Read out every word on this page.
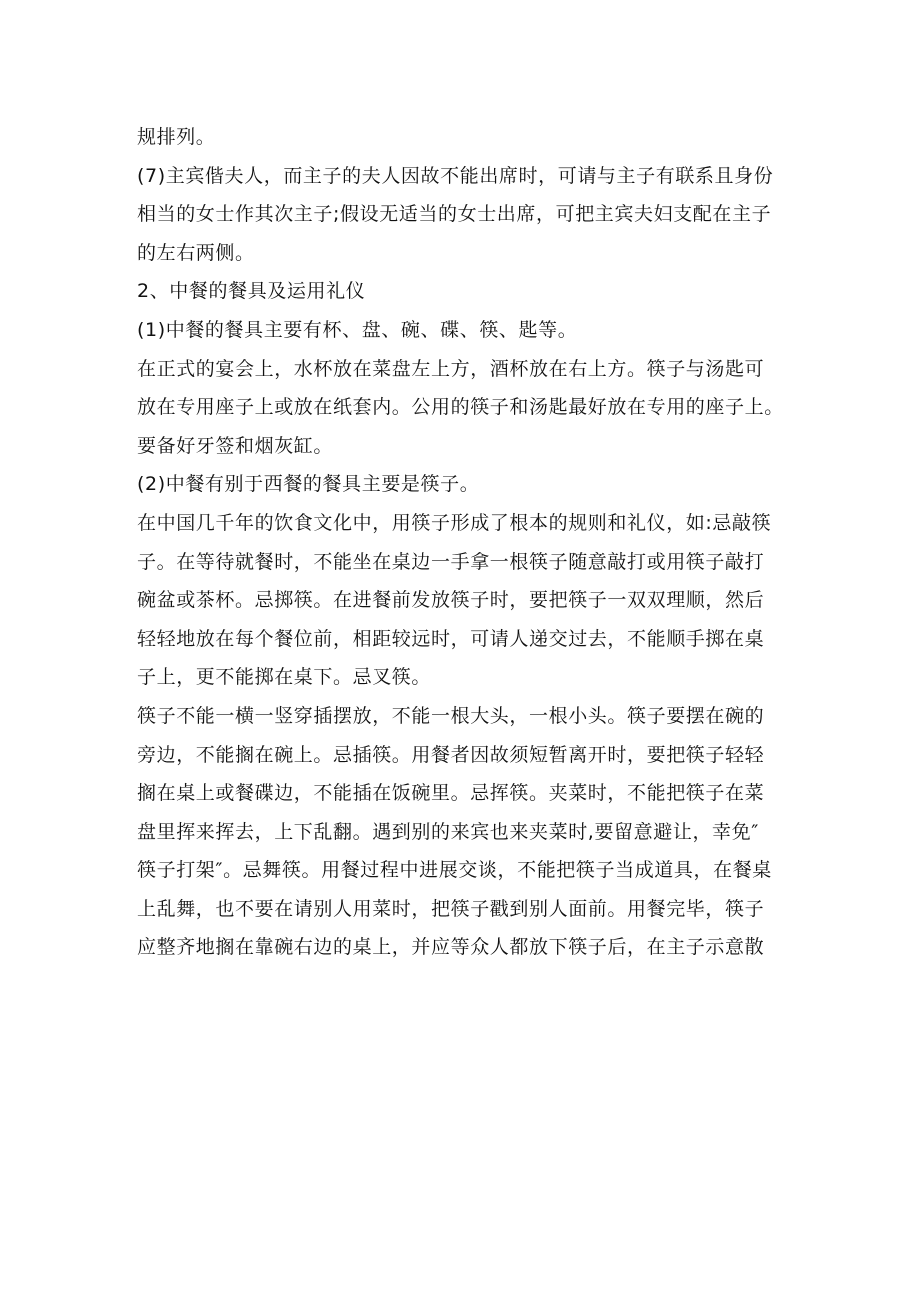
规排列。

(7)主宾偕夫人，而主子的夫人因故不能出席时，可请与主子有联系且身份
相当的女士作其次主子;假设无适当的女士出席，可把主宾夫妇支配在主子
的左右两侧。

2、中餐的餐具及运用礼仪

(1)中餐的餐具主要有杯、盘、碗、碟、筷、匙等。

在正式的宴会上，水杯放在菜盘左上方，酒杯放在右上方。筷子与汤匙可
放在专用座子上或放在纸套内。公用的筷子和汤匙最好放在专用的座子上。
要备好牙签和烟灰缸。

(2)中餐有别于西餐的餐具主要是筷子。

在中国几千年的饮食文化中，用筷子形成了根本的规则和礼仪，如:忌敲筷
子。在等待就餐时，不能坐在桌边一手拿一根筷子随意敲打或用筷子敲打
碗盆或茶杯。忌掷筷。在进餐前发放筷子时，要把筷子一双双理顺，然后
轻轻地放在每个餐位前，相距较远时，可请人递交过去，不能顺手掷在桌
子上，更不能掷在桌下。忌叉筷。

筷子不能一横一竖穿插摆放，不能一根大头，一根小头。筷子要摆在碗的
旁边，不能搁在碗上。忌插筷。用餐者因故须短暂离开时，要把筷子轻轻
搁在桌上或餐碟边，不能插在饭碗里。忌挥筷。夹菜时，不能把筷子在菜
盘里挥来挥去，上下乱翻。遇到别的来宾也来夹菜时,要留意避让，幸免″
筷子打架″。忌舞筷。用餐过程中进展交谈，不能把筷子当成道具，在餐桌
上乱舞，也不要在请别人用菜时，把筷子戳到别人面前。用餐完毕，筷子
应整齐地搁在靠碗右边的桌上，并应等众人都放下筷子后，在主子示意散
